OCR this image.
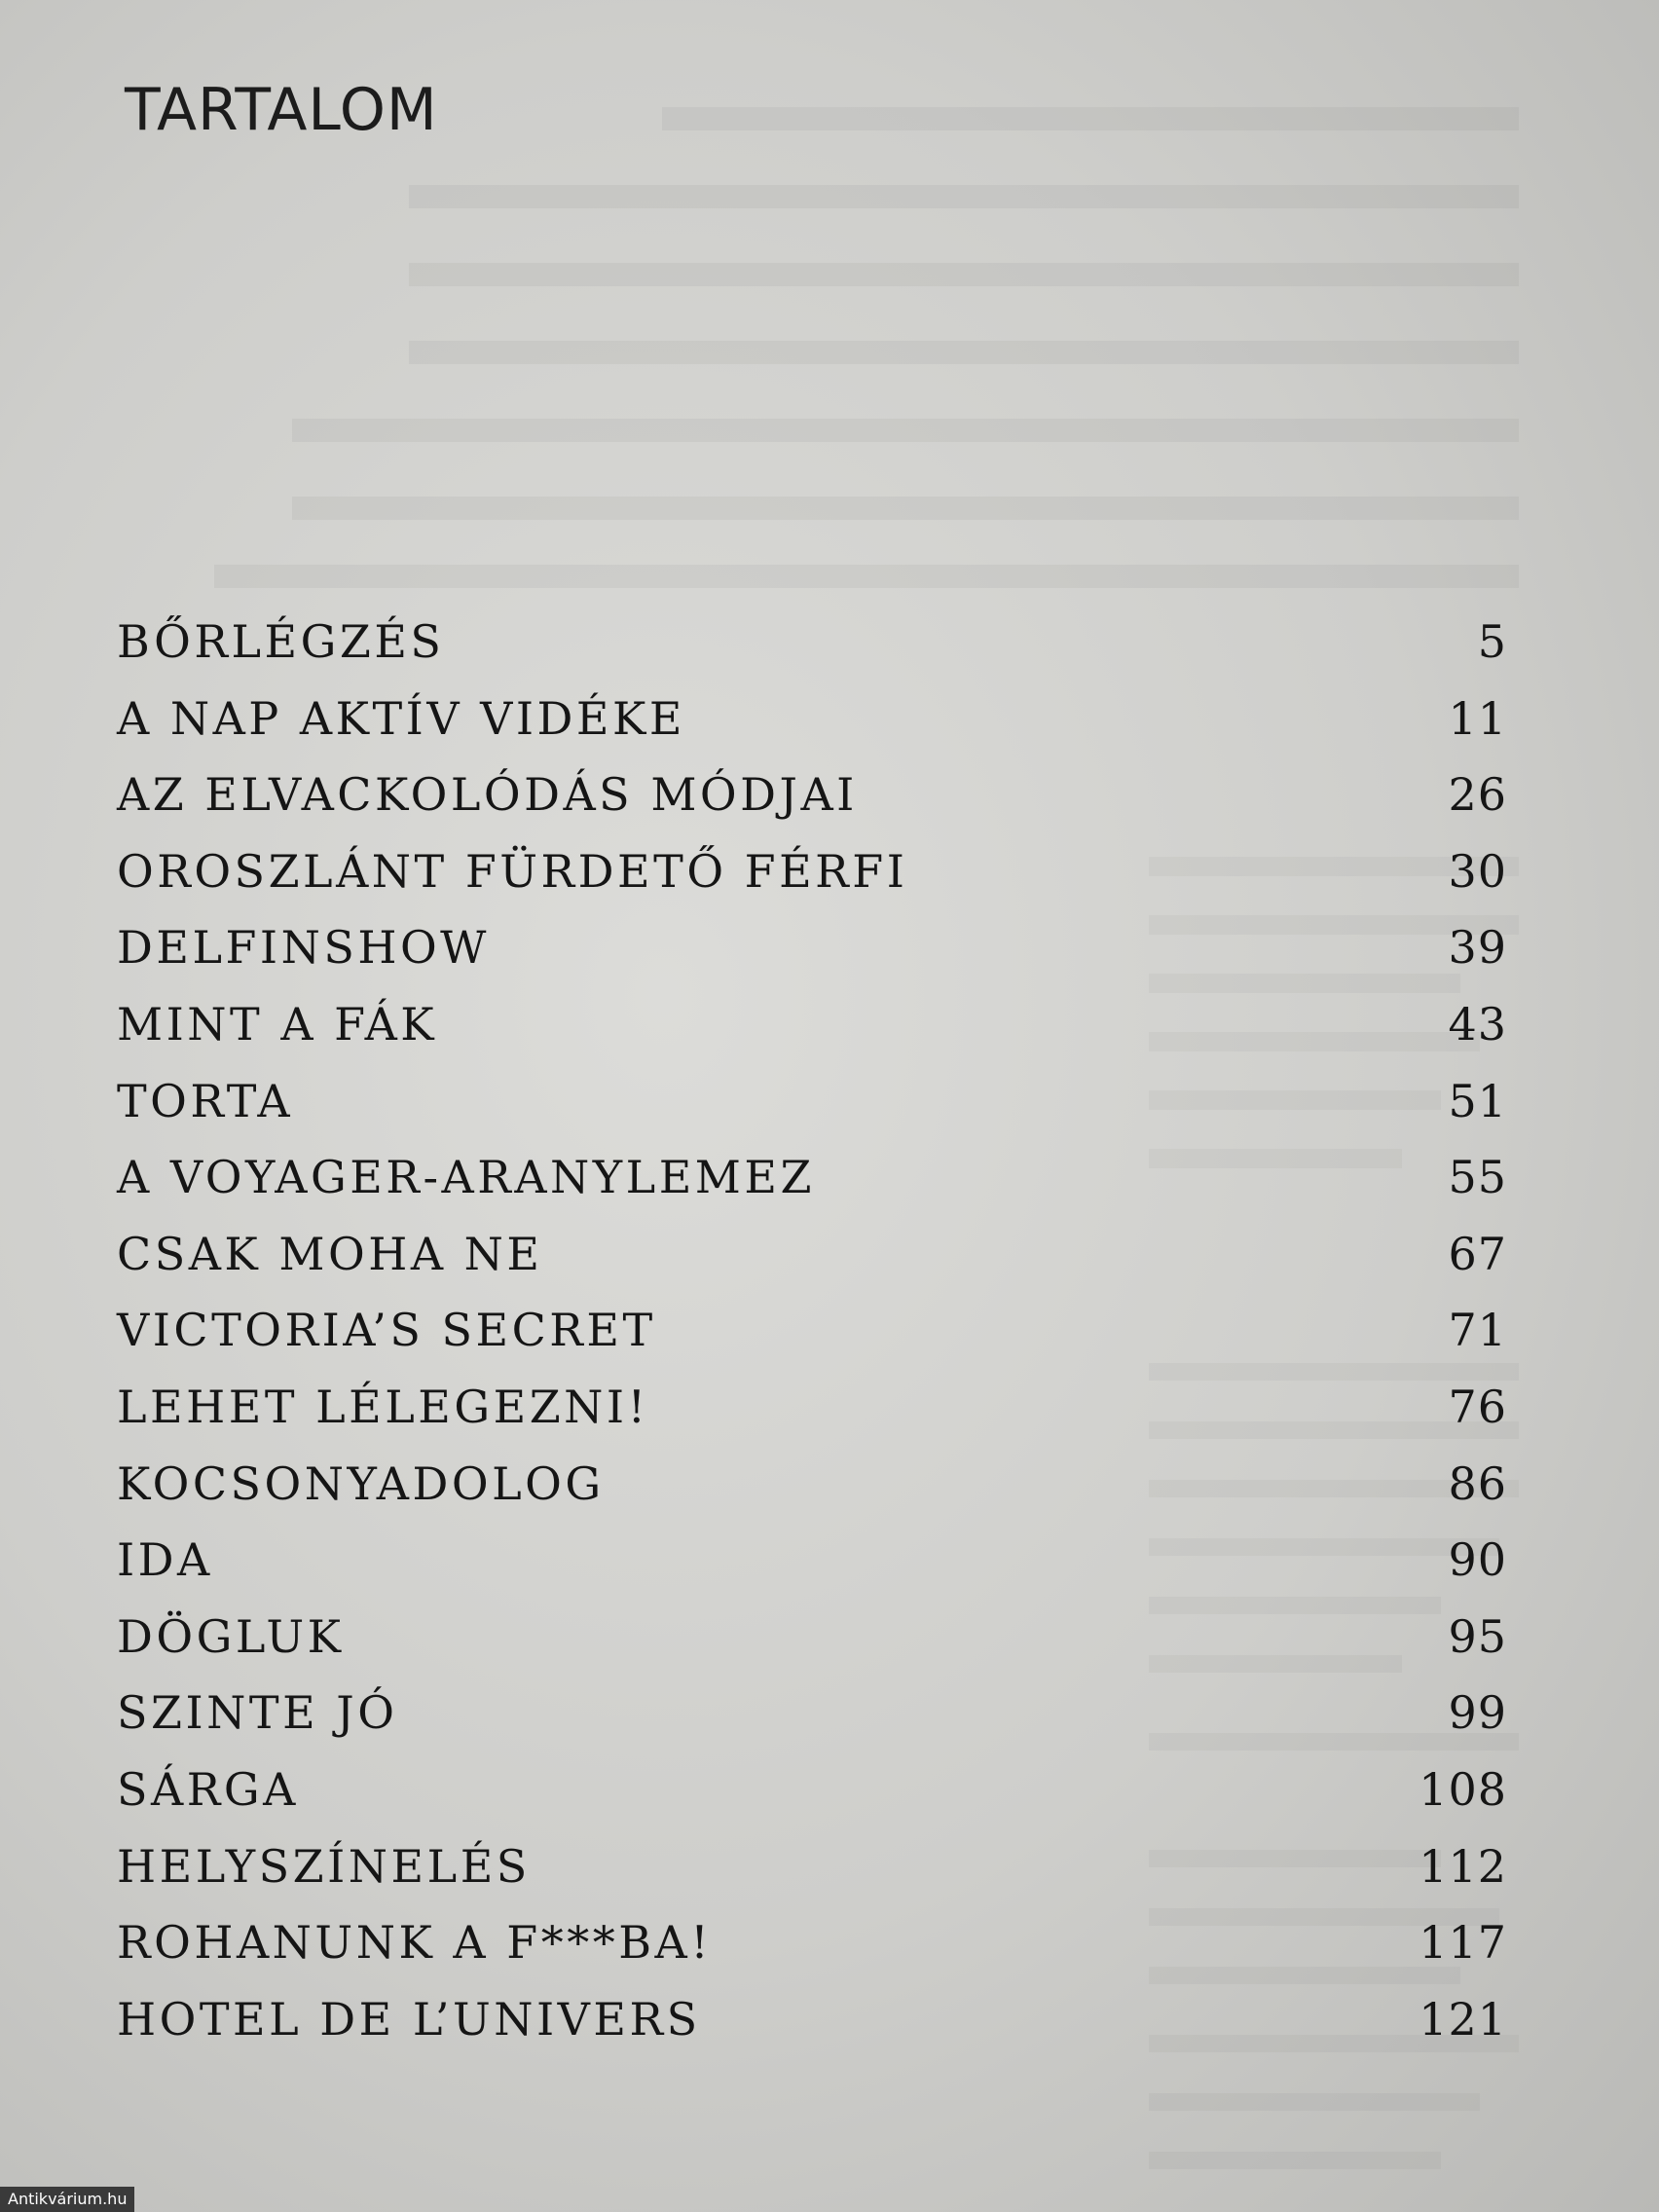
TARTALOM
BŐRLÉGZÉS	5
A NAP AKTÍV VIDÉKE	11
AZ ELVACKOLÓDÁS MÓDJAI	26
OROSZLÁNT FÜRDETŐ FÉRFI	30
DELFINSHOW	39
MINT A FÁK	43
TORTA	51
A VOYAGER-ARANYLEMEZ	55
CSAK MOHA NE	67
VICTORIA’S SECRET	71
LEHET LÉLEGEZNI!	76
KOCSONYADOLOG	86
IDA	90
DÖGLUK	95
SZINTE JÓ	99
SÁRGA	108
HELYSZÍNELÉS	112
ROHANUNK A F***BA!	117
HOTEL DE L’UNIVERS	121
Antikvárium.hu
